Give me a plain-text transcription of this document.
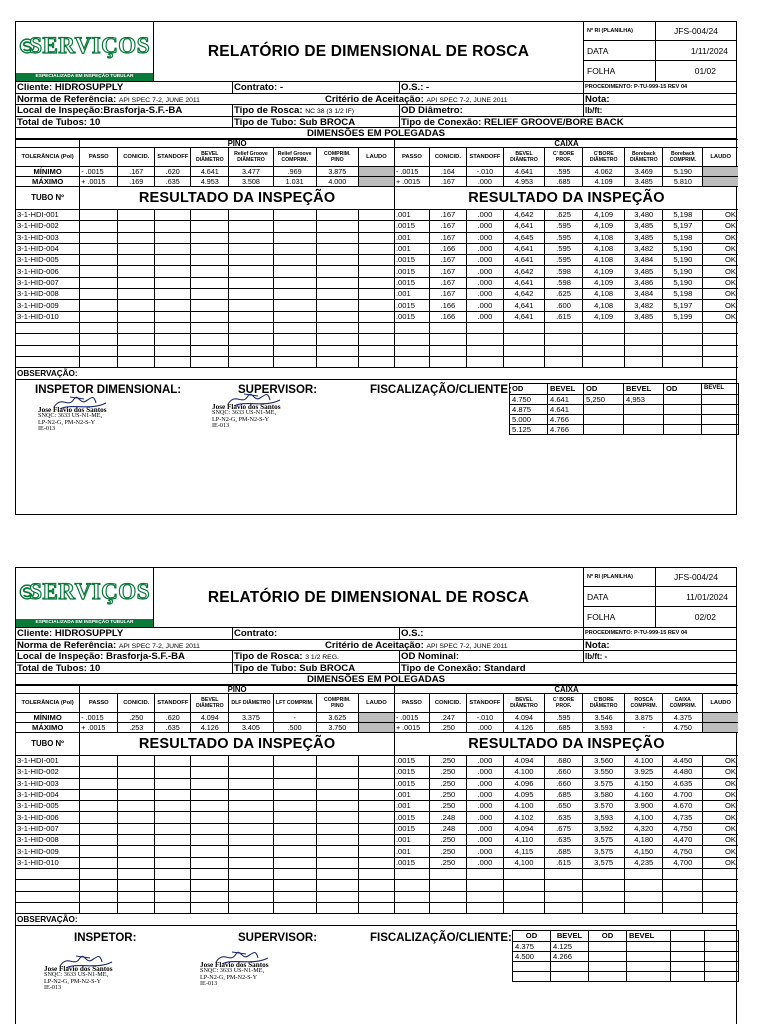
SERVIÇOS
ESPECIALIZADA EM INSPEÇÃO TUBULAR
RELATÓRIO DE DIMENSIONAL DE ROSCA
Nº RI (PLANILHA)	JFS-004/24
DATA	1/11/2024
FOLHA	01/02
Cliente: HIDROSUPPLY	Contrato: -	O.S.: -	PROCEDIMENTO: P-TU-999-15 REV 04
Norma de Referência: API SPEC 7-2, JUNE 2011	Critério de Aceitação: API SPEC 7-2, JUNE 2011	Nota:
Local de Inspeção:Brasforja-S.F.-BA	Tipo de Rosca: NC 38 (3 1/2 IF)	OD Diâmetro:	lb/ft:
Total de Tubos: 10	Tipo de Tubo: Sub BROCA	Tipo de Conexão: RELIEF GROOVE/BORE BACK
DIMENSÕES EM POLEGADAS
	PINO								CAIXA								
TOLERÂNCIA (Pol)	PASSO	CONICID.	STANDOFF	BEVEL DIÂMETRO	Relief Groove DIÂMETRO	Relief Groove COMPRIM.	COMPRIM. PINO	LAUDO	PASSO	CONICID.	STANDOFF	BEVEL DIÂMETRO	C' BORE PROF.	C'BORE DIÂMETRO	Boreback DIÂMETRO	Boreback COMPRIM.	LAUDO
MÍNIMO	- .0015	.167	.620	4.641	3.477	.969	3.875		- .0015	.164	-.010	4.641	.595	4.062	3.469	5.190	
MÁXIMO	+ .0015	.169	.635	4.953	3.508	1.031	4.000		+ .0015	.167	.000	4.953	.685	4.109	3.485	5.810	
TUBO Nº	RESULTADO DA INSPEÇÃO								RESULTADO DA INSPEÇÃO								
3-1-HDI-001									.001	.167	.000	4,642	.625	4,109	3,480	5,198	OK
3-1-HID-002									.0015	.167	.000	4,641	.595	4,109	3,485	5,197	OK
3-1-HID-003									.001	.167	.000	4,645	.595	4,108	3,485	5,198	OK
3-1-HID-004									.001	.166	.000	4,641	.595	4,108	3,482	5,190	OK
3-1-HID-005									.0015	.167	.000	4,641	.595	4,108	3,484	5,190	OK
3-1-HID-006									.0015	.167	.000	4,642	.598	4,109	3,485	5,190	OK
3-1-HID-007									.0015	.167	.000	4,641	.598	4,109	3,486	5,190	OK
3-1-HID-008									.001	.167	.000	4,642	.625	4,108	3,484	5,198	OK
3-1-HID-009									.0015	.166	.000	4,641	.600	4,108	3,482	5,197	OK
3-1-HID-010									.0015	.166	.000	4,641	.615	4,109	3,485	5,199	OK

OBSERVAÇÃO:
INSPETOR DIMENSIONAL:	SUPERVISOR:	FISCALIZAÇÃO/CLIENTE:
Jose Flavio dos Santos
SNQC: 3633 US-N1-ME,
LP-N2-G, PM-N2-S-Y
IE-013
Jose Flavio dos Santos
SNQC: 3633 US-N1-ME,
LP-N2-G, PM-N2-S-Y
IE-013
OD	BEVEL	OD	BEVEL	OD	BEVEL
4.750	4.641	5,250	4,953		
4.875	4.641				
5.000	4.766				
5.125	4.766				
SERVIÇOS
ESPECIALIZADA EM INSPEÇÃO TUBULAR
RELATÓRIO DE DIMENSIONAL DE ROSCA
Nº RI (PLANILHA)	JFS-004/24
DATA	11/01/2024
FOLHA	02/02
Cliente: HIDROSUPPLY	Contrato:	O.S.:	PROCEDIMENTO: P-TU-999-15 REV 04
Norma de Referência: API SPEC 7-2, JUNE 2011	Critério de Aceitação: API SPEC 7-2, JUNE 2011	Nota:
Local de Inspeção: Brasforja-S.F.-BA	Tipo de Rosca: 3 1/2 REG.	OD Nominal:	lb/ft: -
Total de Tubos: 10	Tipo de Tubo: Sub BROCA	Tipo de Conexão: Standard
DIMENSÕES EM POLEGADAS
	PINO								CAIXA								
TOLERÂNCIA (Pol)	PASSO	CONICID.	STANDOFF	BEVEL DIÂMETRO	DLF DIÂMETRO	LFT COMPRIM.	COMPRIM. PINO	LAUDO	PASSO	CONICID.	STANDOFF	BEVEL DIÂMETRO	C' BORE PROF.	C'BORE DIÂMETRO	ROSCA COMPRIM.	CAIXA COMPRIM.	LAUDO
MÍNIMO	- .0015	.250	.620	4.094	3.375	-	3.625		- .0015	.247	-.010	4.094	.595	3.546	3.875	4.375	
MÁXIMO	+ .0015	.253	.635	4.126	3.405	.500	3.750		+ .0015	.250	.000	4.126	.685	3.593	-	4.750	
TUBO Nº	RESULTADO DA INSPEÇÃO								RESULTADO DA INSPEÇÃO								
3-1-HDI-001									.0015	.250	.000	4.094	.680	3.560	4.100	4.450	OK
3-1-HID-002									.0015	.250	.000	4.100	.660	3.550	3.925	4.480	OK
3-1-HID-003									.0015	.250	.000	4.096	.660	3.575	4.150	4.635	OK
3-1-HID-004									.001	.250	.000	4.095	.685	3.580	4.160	4.700	OK
3-1-HID-005									.001	.250	.000	4.100	.650	3.570	3.900	4.670	OK
3-1-HID-006									.0015	.248	.000	4.102	.635	3,593	4,100	4,735	OK
3-1-HID-007									.0015	.248	.000	4,094	.675	3,592	4,320	4,750	OK
3-1-HID-008									.001	.250	.000	4,110	.635	3,575	4,180	4,470	OK
3-1-HID-009									.001	.250	.000	4,115	.685	3,575	4,150	4,750	OK
3-1-HID-010									.0015	.250	.000	4,100	.615	3,575	4,235	4,700	OK

OBSERVAÇÃO:
INSPETOR:	SUPERVISOR:	FISCALIZAÇÃO/CLIENTE:
Jose Flavio dos Santos
SNQC: 3633 US-N1-ME,
LP-N2-G, PM-N2-S-Y
IE-013
Jose Flavio dos Santos
SNQC: 3633 US-N1-ME,
LP-N2-G, PM-N2-S-Y
IE-013
OD	BEVEL	OD	BEVEL		
4.375	4.125				
4.500	4.266				
